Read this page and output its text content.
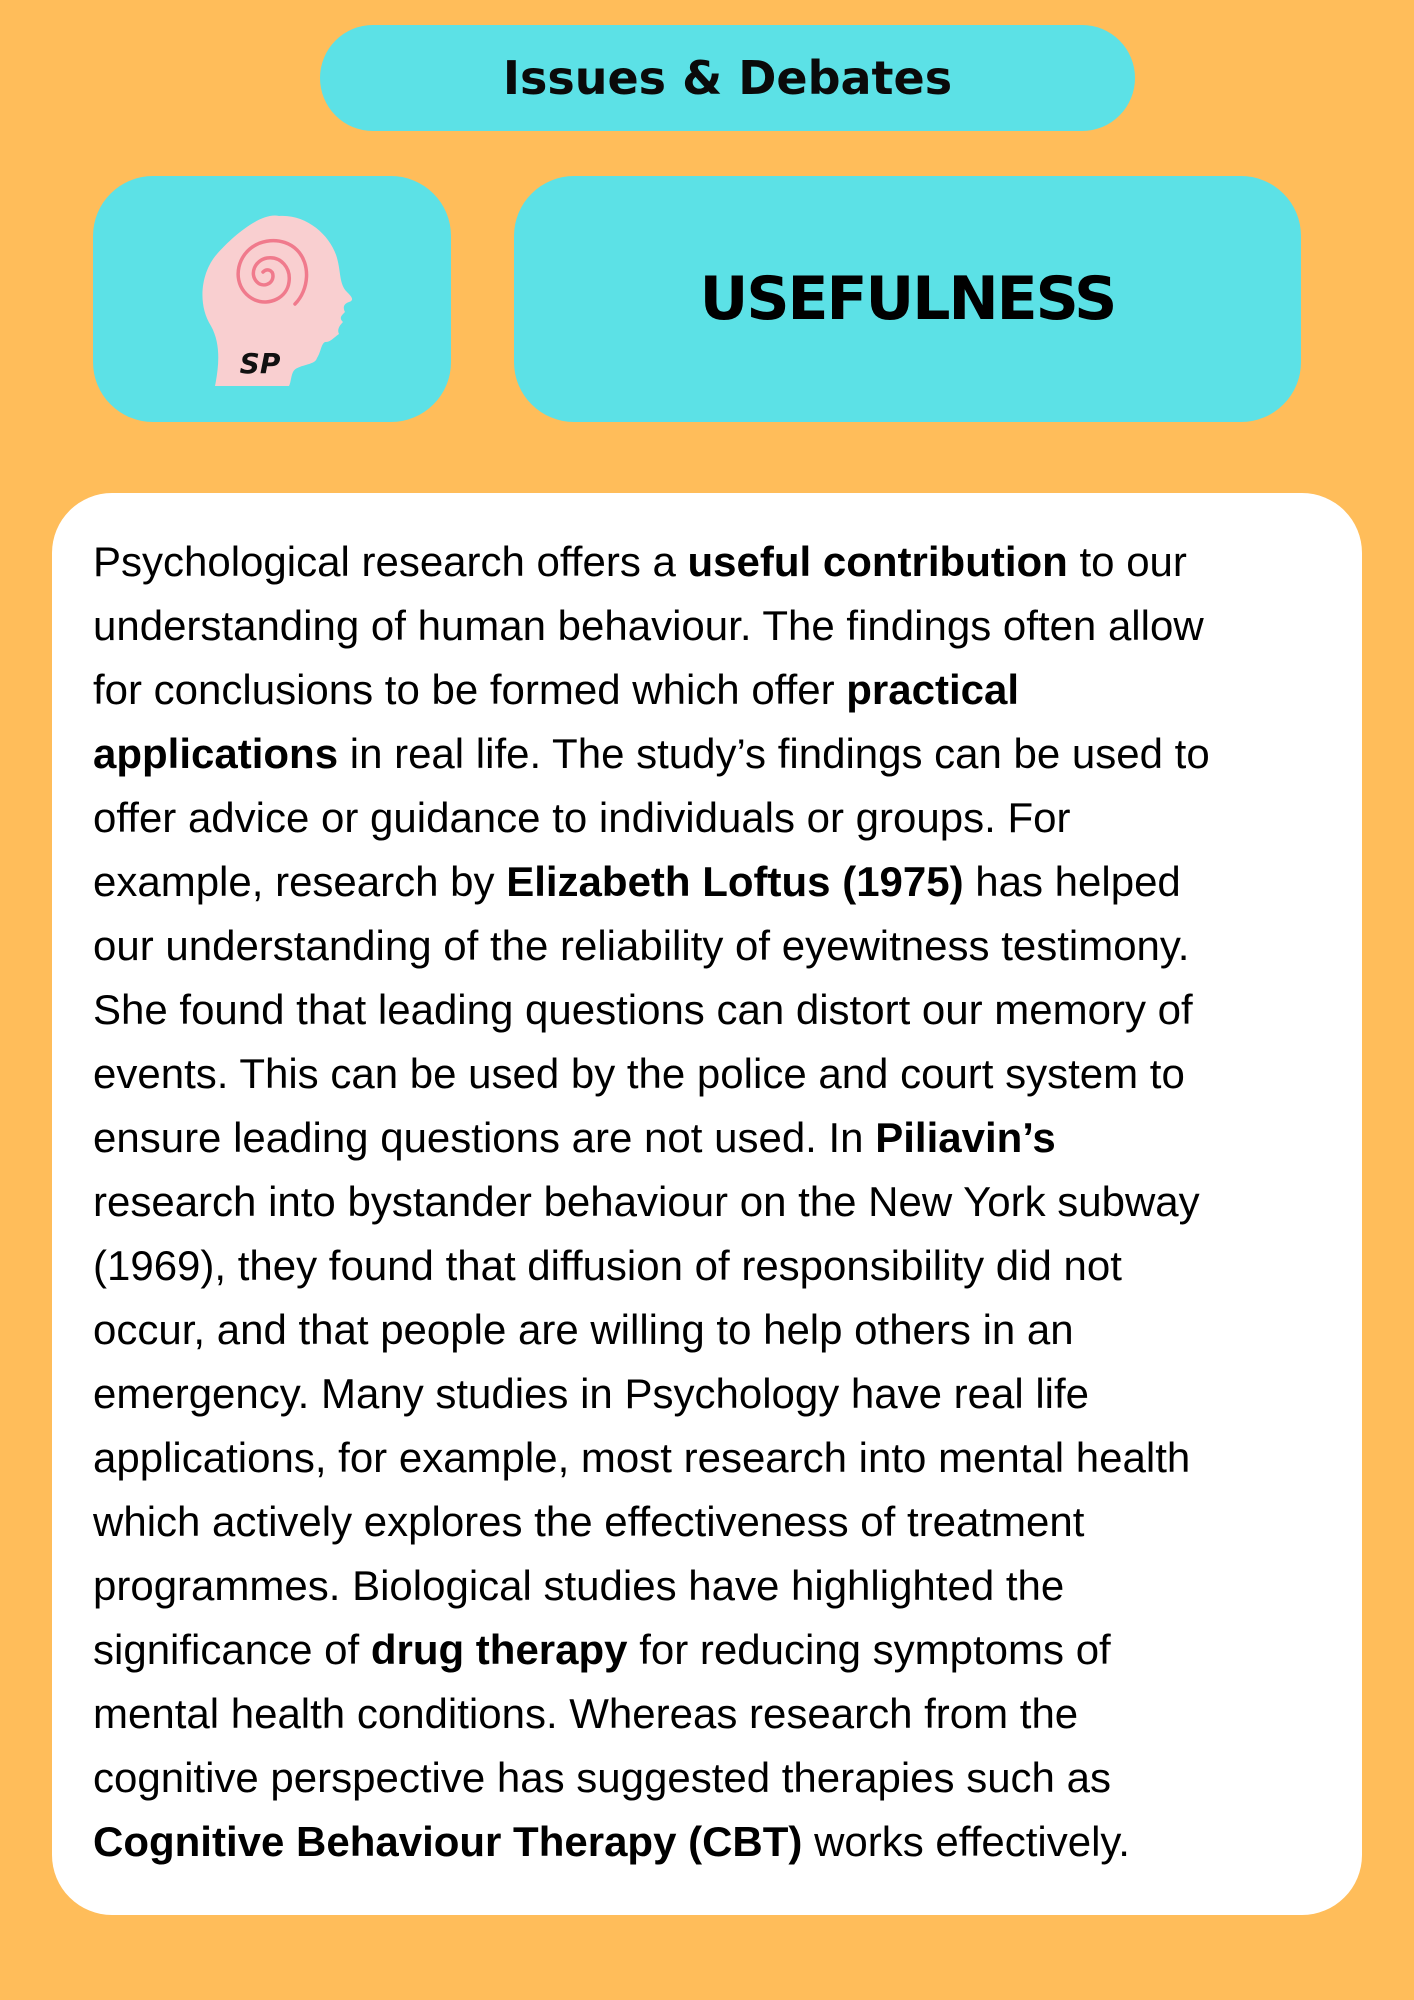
Issues & Debates
SP
USEFULNESS

Psychological research offers a useful contribution to our
understanding of human behaviour. The findings often allow
for conclusions to be formed which offer practical
applications in real life. The study’s findings can be used to
offer advice or guidance to individuals or groups. For
example, research by Elizabeth Loftus (1975) has helped
our understanding of the reliability of eyewitness testimony.
She found that leading questions can distort our memory of
events. This can be used by the police and court system to
ensure leading questions are not used. In Piliavin’s
research into bystander behaviour on the New York subway
(1969), they found that diffusion of responsibility did not
occur, and that people are willing to help others in an
emergency. Many studies in Psychology have real life
applications, for example, most research into mental health
which actively explores the effectiveness of treatment
programmes. Biological studies have highlighted the
significance of drug therapy for reducing symptoms of
mental health conditions. Whereas research from the
cognitive perspective has suggested therapies such as
Cognitive Behaviour Therapy (CBT) works effectively.
